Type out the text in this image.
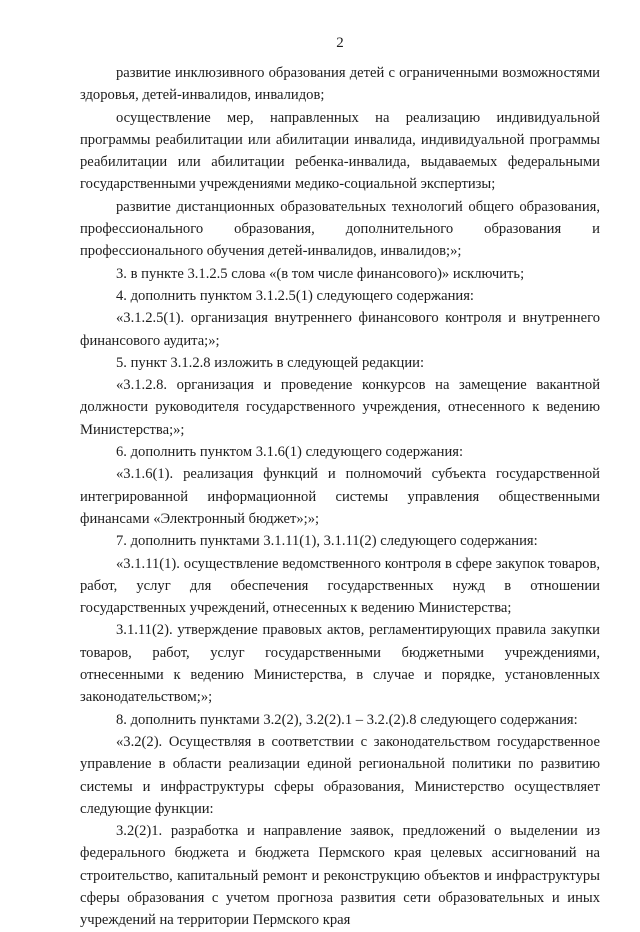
2

развитие инклюзивного образования детей с ограниченными возможностями здоровья, детей-инвалидов, инвалидов;

осуществление мер, направленных на реализацию индивидуальной программы реабилитации или абилитации инвалида, индивидуальной программы реабилитации или абилитации ребенка-инвалида, выдаваемых федеральными государственными учреждениями медико-социальной экспертизы;

развитие дистанционных образовательных технологий общего образования, профессионального образования, дополнительного образования и профессионального обучения детей-инвалидов, инвалидов;»;

3. в пункте 3.1.2.5 слова «(в том числе финансового)» исключить;

4. дополнить пунктом 3.1.2.5(1) следующего содержания:

«3.1.2.5(1). организация внутреннего финансового контроля и внутреннего финансового аудита;»;

5. пункт 3.1.2.8 изложить в следующей редакции:

«3.1.2.8. организация и проведение конкурсов на замещение вакантной должности руководителя государственного учреждения, отнесенного к ведению Министерства;»;

6. дополнить пунктом 3.1.6(1) следующего содержания:

«3.1.6(1). реализация функций и полномочий субъекта государственной интегрированной информационной системы управления общественными финансами «Электронный бюджет»;»;

7. дополнить пунктами 3.1.11(1), 3.1.11(2) следующего содержания:

«3.1.11(1). осуществление ведомственного контроля в сфере закупок товаров, работ, услуг для обеспечения государственных нужд в отношении государственных учреждений, отнесенных к ведению Министерства;

3.1.11(2). утверждение правовых актов, регламентирующих правила закупки товаров, работ, услуг государственными бюджетными учреждениями, отнесенными к ведению Министерства, в случае и порядке, установленных законодательством;»;

8. дополнить пунктами 3.2(2), 3.2(2).1 – 3.2.(2).8 следующего содержания:

«3.2(2). Осуществляя в соответствии с законодательством государственное управление в области реализации единой региональной политики по развитию системы и инфраструктуры сферы образования, Министерство осуществляет следующие функции:

3.2(2)1. разработка и направление заявок, предложений о выделении из федерального бюджета и бюджета Пермского края целевых ассигнований на строительство, капитальный ремонт и реконструкцию объектов и инфраструктуры сферы образования с учетом прогноза развития сети образовательных и иных учреждений на территории Пермского края
